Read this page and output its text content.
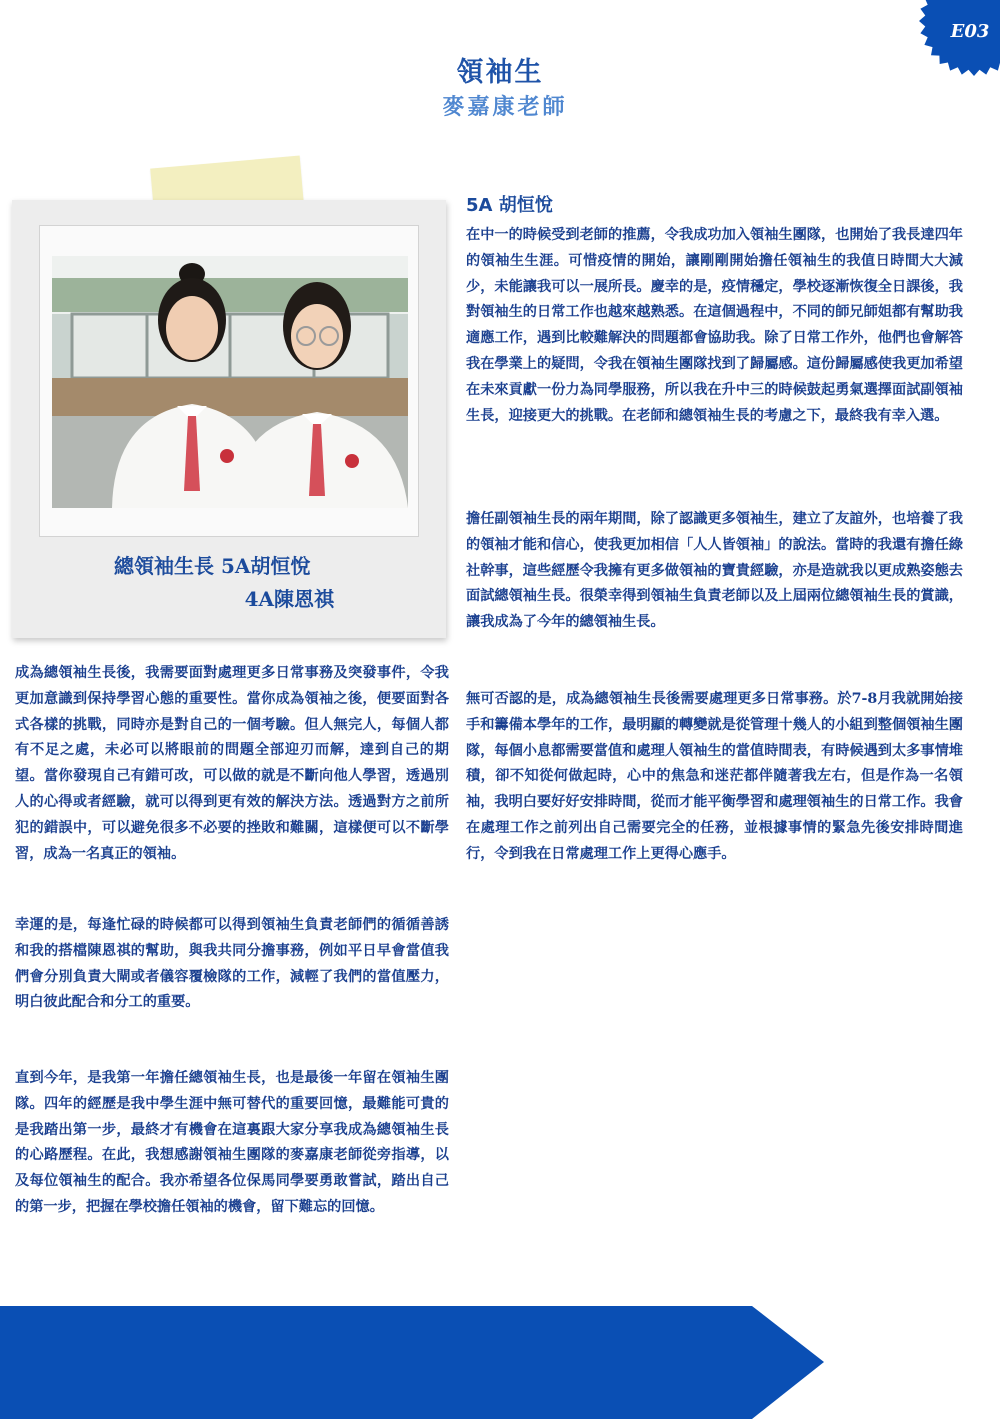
E03
領袖生
麥嘉康老師
總領袖生長 5A胡恒悅
4A陳恩祺
5A 胡恒悅

在中一的時候受到老師的推薦，令我成功加入領袖生團隊，也開始了我長達四年的領袖生生涯。可惜疫情的開始，讓剛剛開始擔任領袖生的我值日時間大大減少，未能讓我可以一展所長。慶幸的是，疫情穩定，學校逐漸恢復全日課後，我對領袖生的日常工作也越來越熟悉。在這個過程中，不同的師兄師姐都有幫助我適應工作，遇到比較難解決的問題都會協助我。除了日常工作外，他們也會解答我在學業上的疑問，令我在領袖生團隊找到了歸屬感。這份歸屬感使我更加希望在未來貢獻一份力為同學服務，所以我在升中三的時候鼓起勇氣選擇面試副領袖生長，迎接更大的挑戰。在老師和總領袖生長的考慮之下，最終我有幸入選。

擔任副領袖生長的兩年期間，除了認識更多領袖生，建立了友誼外，也培養了我的領袖才能和信心，使我更加相信「人人皆領袖」的說法。當時的我還有擔任綠社幹事，這些經歷令我擁有更多做領袖的寶貴經驗，亦是造就我以更成熟姿態去面試總領袖生長。很榮幸得到領袖生負責老師以及上屆兩位總領袖生長的賞識，讓我成為了今年的總領袖生長。

無可否認的是，成為總領袖生長後需要處理更多日常事務。於7-8月我就開始接手和籌備本學年的工作，最明顯的轉變就是從管理十幾人的小組到整個領袖生團隊，每個小息都需要當值和處理人領袖生的當值時間表，有時候遇到太多事情堆積，卻不知從何做起時，心中的焦急和迷茫都伴隨著我左右，但是作為一名領袖，我明白要好好安排時間，從而才能平衡學習和處理領袖生的日常工作。我會在處理工作之前列出自己需要完全的任務，並根據事情的緊急先後安排時間進行，令到我在日常處理工作上更得心應手。

成為總領袖生長後，我需要面對處理更多日常事務及突發事件，令我更加意識到保持學習心態的重要性。當你成為領袖之後，便要面對各式各樣的挑戰，同時亦是對自己的一個考驗。但人無完人，每個人都有不足之處，未必可以將眼前的問題全部迎刃而解，達到自己的期望。當你發現自己有錯可改，可以做的就是不斷向他人學習，透過別人的心得或者經驗，就可以得到更有效的解決方法。透過對方之前所犯的錯誤中，可以避免很多不必要的挫敗和難關，這樣便可以不斷學習，成為一名真正的領袖。

幸運的是，每逢忙碌的時候都可以得到領袖生負責老師們的循循善誘和我的搭檔陳恩祺的幫助，與我共同分擔事務，例如平日早會當值我們會分別負責大閘或者儀容覆檢隊的工作，減輕了我們的當值壓力，明白彼此配合和分工的重要。

直到今年，是我第一年擔任總領袖生長，也是最後一年留在領袖生團隊。四年的經歷是我中學生涯中無可替代的重要回憶，最難能可貴的是我踏出第一步，最終才有機會在這裏跟大家分享我成為總領袖生長的心路歷程。在此，我想感謝領袖生團隊的麥嘉康老師從旁指導，以及每位領袖生的配合。我亦希望各位保馬同學要勇敢嘗試，踏出自己的第一步，把握在學校擔任領袖的機會，留下難忘的回憶。
